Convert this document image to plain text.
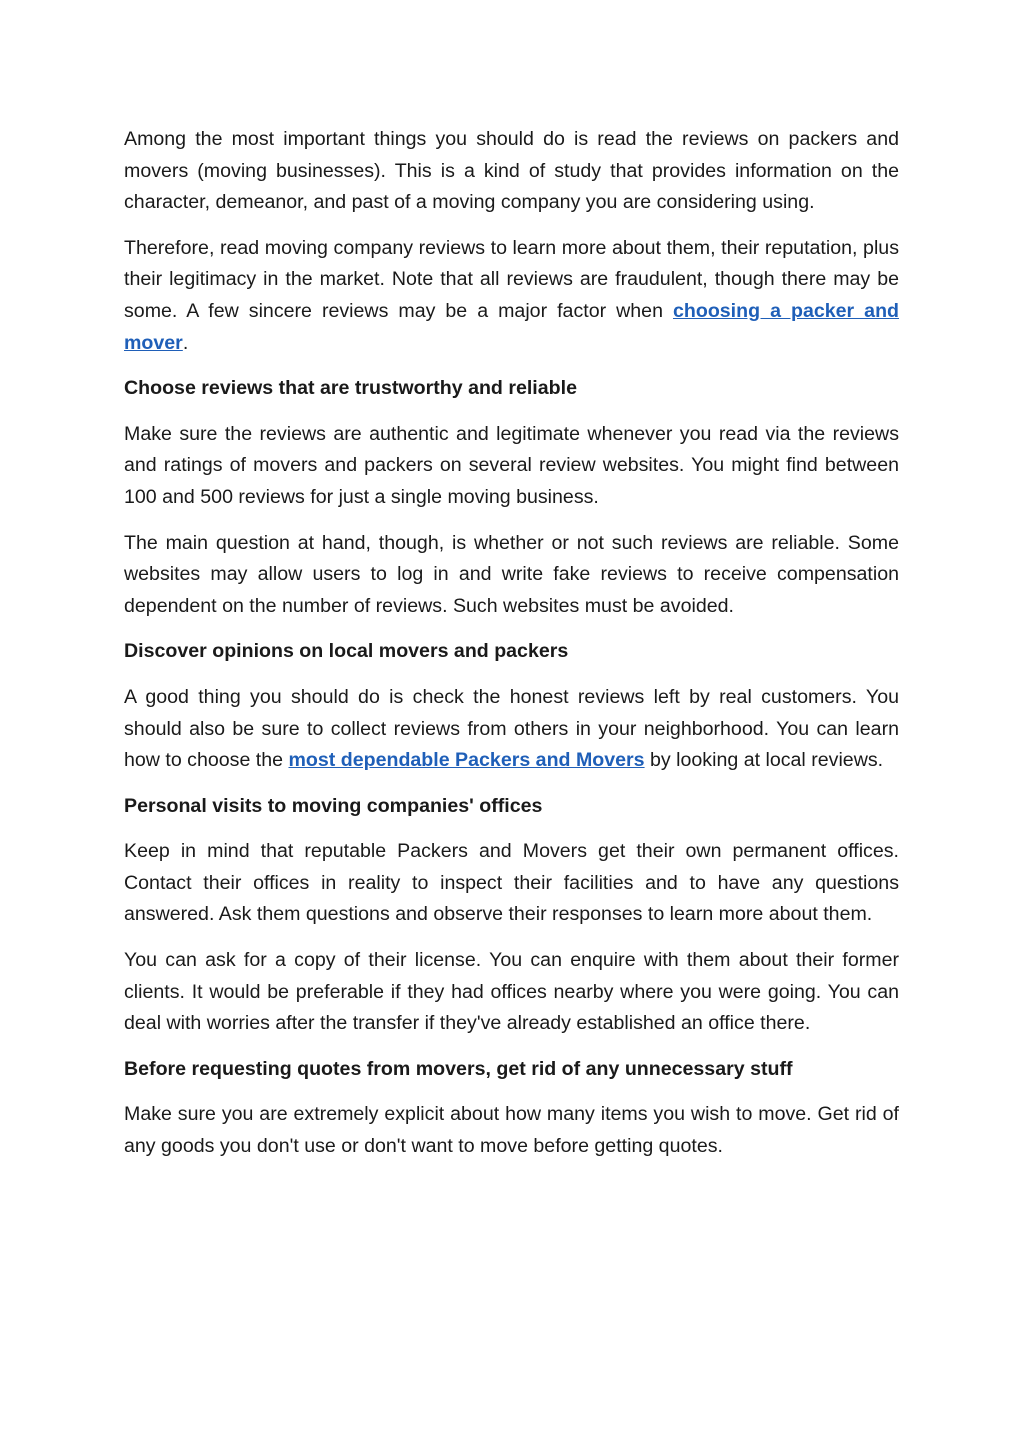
Among the most important things you should do is read the reviews on packers and movers (moving businesses). This is a kind of study that provides information on the character, demeanor, and past of a moving company you are considering using.

Therefore, read moving company reviews to learn more about them, their reputation, plus their legitimacy in the market. Note that all reviews are fraudulent, though there may be some. A few sincere reviews may be a major factor when choosing a packer and mover.

Choose reviews that are trustworthy and reliable

Make sure the reviews are authentic and legitimate whenever you read via the reviews and ratings of movers and packers on several review websites. You might find between 100 and 500 reviews for just a single moving business.

The main question at hand, though, is whether or not such reviews are reliable. Some websites may allow users to log in and write fake reviews to receive compensation dependent on the number of reviews. Such websites must be avoided.

Discover opinions on local movers and packers

A good thing you should do is check the honest reviews left by real customers. You should also be sure to collect reviews from others in your neighborhood. You can learn how to choose the most dependable Packers and Movers by looking at local reviews.

Personal visits to moving companies' offices

Keep in mind that reputable Packers and Movers get their own permanent offices. Contact their offices in reality to inspect their facilities and to have any questions answered. Ask them questions and observe their responses to learn more about them.

You can ask for a copy of their license. You can enquire with them about their former clients. It would be preferable if they had offices nearby where you were going. You can deal with worries after the transfer if they've already established an office there.

Before requesting quotes from movers, get rid of any unnecessary stuff

Make sure you are extremely explicit about how many items you wish to move. Get rid of any goods you don't use or don't want to move before getting quotes.
